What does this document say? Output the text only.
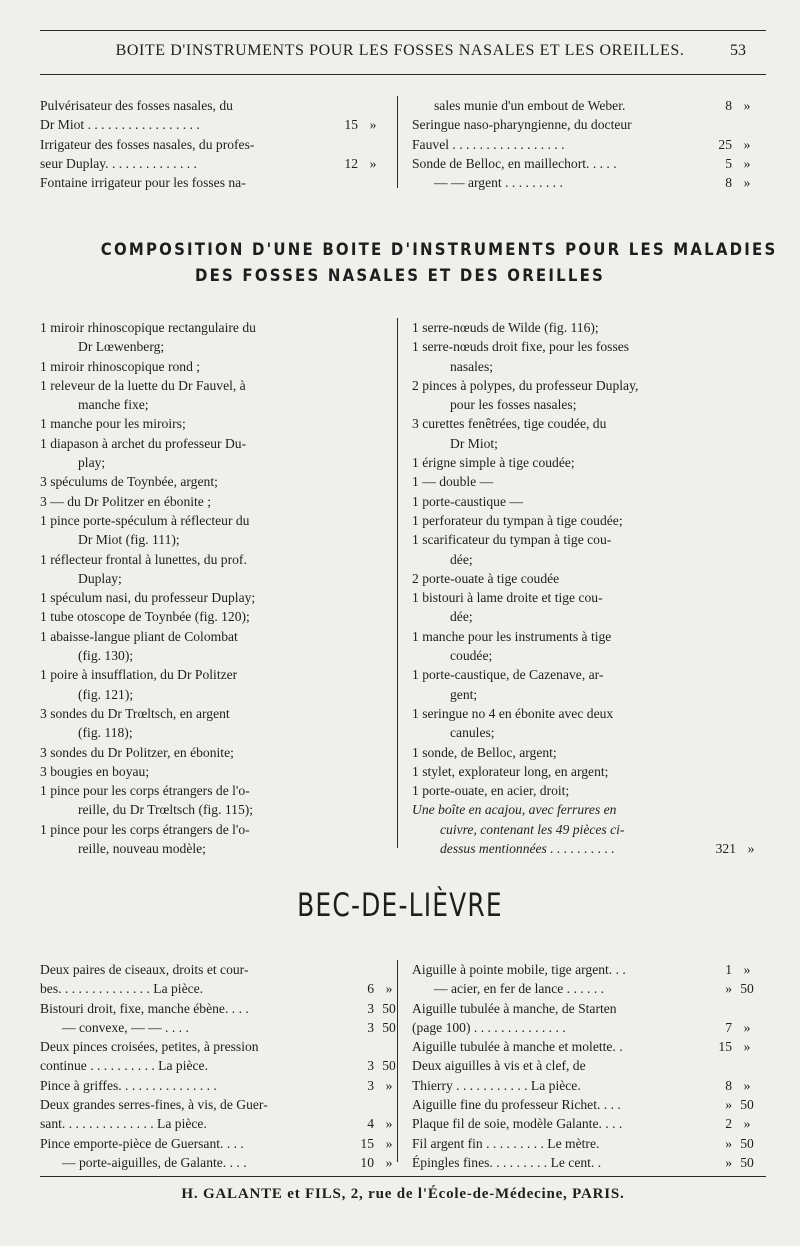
BOITE D'INSTRUMENTS POUR LES FOSSES NASALES ET LES OREILLES.	53
Pulvérisateur des fosses nasales, du
Dr Miot . . . . . . . . . . . . . . . . .	15 »
Irrigateur des fosses nasales, du profes-
seur Duplay. . . . . . . . . . . . . .	12 »
Fontaine irrigateur pour les fosses na-
sales munie d'un embout de Weber.	8 »
Seringue naso-pharyngienne, du docteur
Fauvel . . . . . . . . . . . . . . . . .	25 »
Sonde de Belloc, en maillechort. . . . .	5 »
— — argent . . . . . . . . .	8 »
COMPOSITION D'UNE BOITE D'INSTRUMENTS POUR LES MALADIES
DES FOSSES NASALES ET DES OREILLES
1 miroir rhinoscopique rectangulaire du
Dr Lœwenberg;
1 miroir rhinoscopique rond ;
1 releveur de la luette du Dr Fauvel, à
manche fixe;
1 manche pour les miroirs;
1 diapason à archet du professeur Du-
play;
3 spéculums de Toynbée, argent;
3 — du Dr Politzer en ébonite ;
1 pince porte-spéculum à réflecteur du
Dr Miot (fig. 111);
1 réflecteur frontal à lunettes, du prof.
Duplay;
1 spéculum nasi, du professeur Duplay;
1 tube otoscope de Toynbée (fig. 120);
1 abaisse-langue pliant de Colombat
(fig. 130);
1 poire à insufflation, du Dr Politzer
(fig. 121);
3 sondes du Dr Trœltsch, en argent
(fig. 118);
3 sondes du Dr Politzer, en ébonite;
3 bougies en boyau;
1 pince pour les corps étrangers de l'o-
reille, du Dr Trœltsch (fig. 115);
1 pince pour les corps étrangers de l'o-
reille, nouveau modèle;
1 serre-nœuds de Wilde (fig. 116);
1 serre-nœuds droit fixe, pour les fosses
nasales;
2 pinces à polypes, du professeur Duplay,
pour les fosses nasales;
3 curettes fenêtrées, tige coudée, du
Dr Miot;
1 érigne simple à tige coudée;
1 — double —
1 porte-caustique —
1 perforateur du tympan à tige coudée;
1 scarificateur du tympan à tige cou-
dée;
2 porte-ouate à tige coudée
1 bistouri à lame droite et tige cou-
dée;
1 manche pour les instruments à tige
coudée;
1 porte-caustique, de Cazenave, ar-
gent;
1 seringue no 4 en ébonite avec deux
canules;
1 sonde, de Belloc, argent;
1 stylet, explorateur long, en argent;
1 porte-ouate, en acier, droit;
Une boîte en acajou, avec ferrures en
cuivre, contenant les 49 pièces ci-
dessus mentionnées . . . . . . . . . .	321 »
BEC-DE-LIÈVRE
Deux paires de ciseaux, droits et cour-
bes. . . . . . . . . . . . . . La pièce.	6 »
Bistouri droit, fixe, manche ébène. . . .	3 50
— convexe, — — . . . .	3 50
Deux pinces croisées, petites, à pression
continue . . . . . . . . . . La pièce.	3 50
Pince à griffes. . . . . . . . . . . . . . .	3 »
Deux grandes serres-fines, à vis, de Guer-
sant. . . . . . . . . . . . . . La pièce.	4 »
Pince emporte-pièce de Guersant. . . .	15 »
— porte-aiguilles, de Galante. . . .	10 »
Aiguille à pointe mobile, tige argent. . .	1 »
— acier, en fer de lance . . . . . .	» 50
Aiguille tubulée à manche, de Starten
(page 100) . . . . . . . . . . . . . .	7 »
Aiguille tubulée à manche et molette. .	15 »
Deux aiguilles à vis et à clef, de
Thierry . . . . . . . . . . . La pièce.	8 »
Aiguille fine du professeur Richet. . . .	» 50
Plaque fil de soie, modèle Galante. . . .	2 »
Fil argent fin . . . . . . . . . Le mètre.	» 50
Épingles fines. . . . . . . . . Le cent. .	» 50
H. GALANTE et FILS, 2, rue de l'École-de-Médecine, PARIS.
